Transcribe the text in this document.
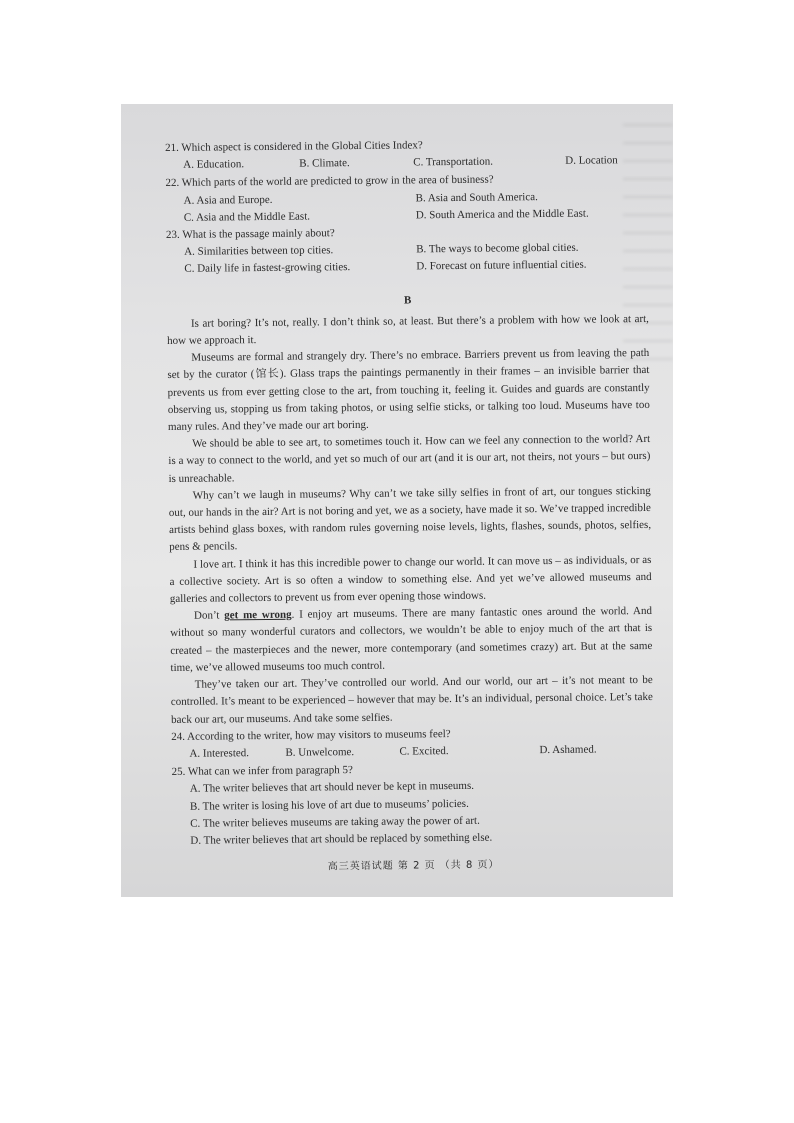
21. Which aspect is considered in the Global Cities Index?

A. Education.	B. Climate.	C. Transportation.	D. Location

22. Which parts of the world are predicted to grow in the area of business?

A. Asia and Europe.	B. Asia and South America.
C. Asia and the Middle East.	D. South America and the Middle East.

23. What is the passage mainly about?

A. Similarities between top cities.	B. The ways to become global cities.
C. Daily life in fastest-growing cities.	D. Forecast on future influential cities.
B

Is art boring? It’s not, really. I don’t think so, at least. But there’s a problem with how we look at art, how we approach it.

Museums are formal and strangely dry. There’s no embrace. Barriers prevent us from leaving the path set by the curator (馆长). Glass traps the paintings permanently in their frames – an invisible barrier that prevents us from ever getting close to the art, from touching it, feeling it. Guides and guards are constantly observing us, stopping us from taking photos, or using selfie sticks, or talking too loud. Museums have too many rules. And they’ve made our art boring.

We should be able to see art, to sometimes touch it. How can we feel any connection to the world? Art is a way to connect to the world, and yet so much of our art (and it is our art, not theirs, not yours – but ours) is unreachable.

Why can’t we laugh in museums? Why can’t we take silly selfies in front of art, our tongues sticking out, our hands in the air? Art is not boring and yet, we as a society, have made it so. We’ve trapped incredible artists behind glass boxes, with random rules governing noise levels, lights, flashes, sounds, photos, selfies, pens & pencils.

I love art. I think it has this incredible power to change our world. It can move us – as individuals, or as a collective society. Art is so often a window to something else. And yet we’ve allowed museums and galleries and collectors to prevent us from ever opening those windows.

Don’t get me wrong. I enjoy art museums. There are many fantastic ones around the world. And without so many wonderful curators and collectors, we wouldn’t be able to enjoy much of the art that is created – the masterpieces and the newer, more contemporary (and sometimes crazy) art. But at the same time, we’ve allowed museums too much control.

They’ve taken our art. They’ve controlled our world. And our world, our art – it’s not meant to be controlled. It’s meant to be experienced – however that may be. It’s an individual, personal choice. Let’s take back our art, our museums. And take some selfies.

24. According to the writer, how may visitors to museums feel?

A. Interested.	B. Unwelcome.	C. Excited.	D. Ashamed.

25. What can we infer from paragraph 5?

A. The writer believes that art should never be kept in museums.
B. The writer is losing his love of art due to museums’ policies.
C. The writer believes museums are taking away the power of art.
D. The writer believes that art should be replaced by something else.
高三英语试题 第 2 页 （共 8 页）
